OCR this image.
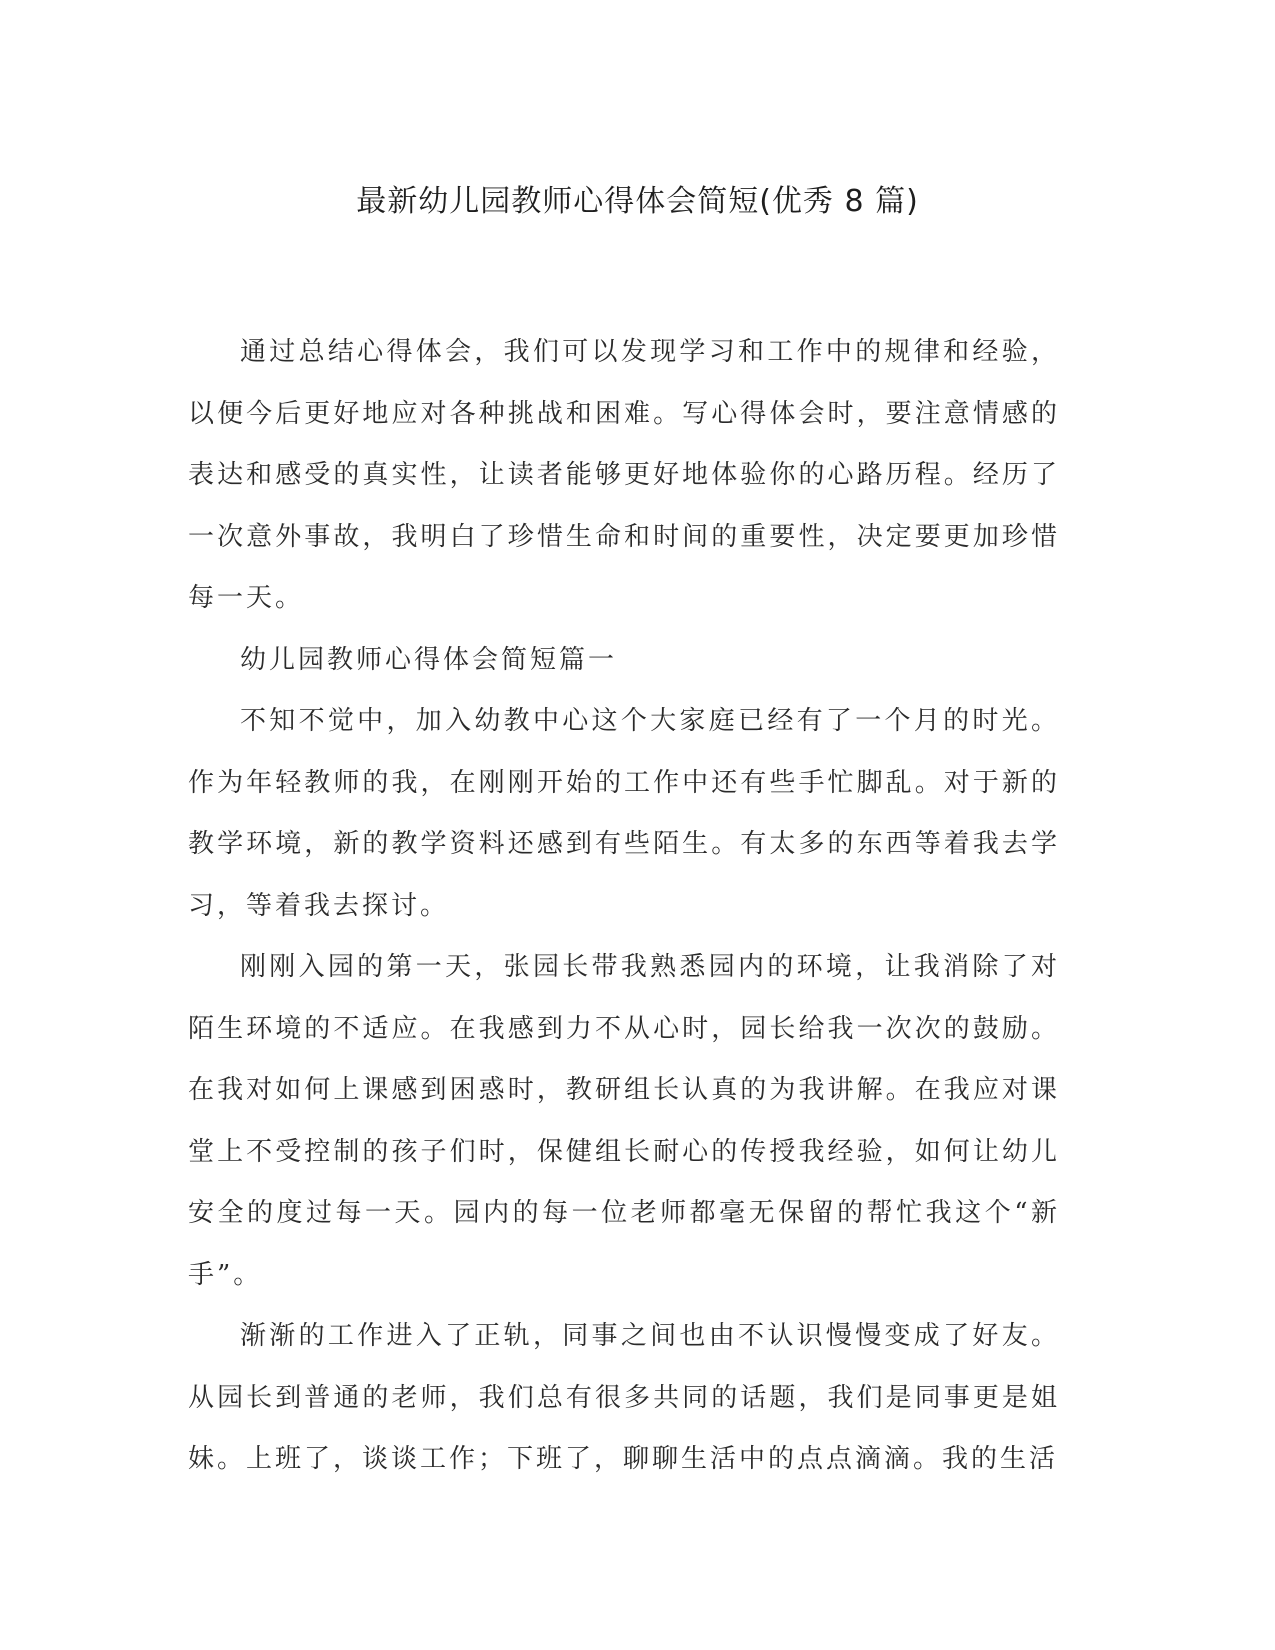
最新幼儿园教师心得体会简短(优秀 8 篇)

通过总结心得体会，我们可以发现学习和工作中的规律和经验，以便今后更好地应对各种挑战和困难。写心得体会时，要注意情感的表达和感受的真实性，让读者能够更好地体验你的心路历程。经历了一次意外事故，我明白了珍惜生命和时间的重要性，决定要更加珍惜每一天。

幼儿园教师心得体会简短篇一

不知不觉中，加入幼教中心这个大家庭已经有了一个月的时光。作为年轻教师的我，在刚刚开始的工作中还有些手忙脚乱。对于新的教学环境，新的教学资料还感到有些陌生。有太多的东西等着我去学习，等着我去探讨。

刚刚入园的第一天，张园长带我熟悉园内的环境，让我消除了对陌生环境的不适应。在我感到力不从心时，园长给我一次次的鼓励。在我对如何上课感到困惑时，教研组长认真的为我讲解。在我应对课堂上不受控制的孩子们时，保健组长耐心的传授我经验，如何让幼儿安全的度过每一天。园内的每一位老师都毫无保留的帮忙我这个“新手”。

渐渐的工作进入了正轨，同事之间也由不认识慢慢变成了好友。从园长到普通的老师，我们总有很多共同的话题，我们是同事更是姐妹。上班了，谈谈工作；下班了，聊聊生活中的点点滴滴。我的生活
